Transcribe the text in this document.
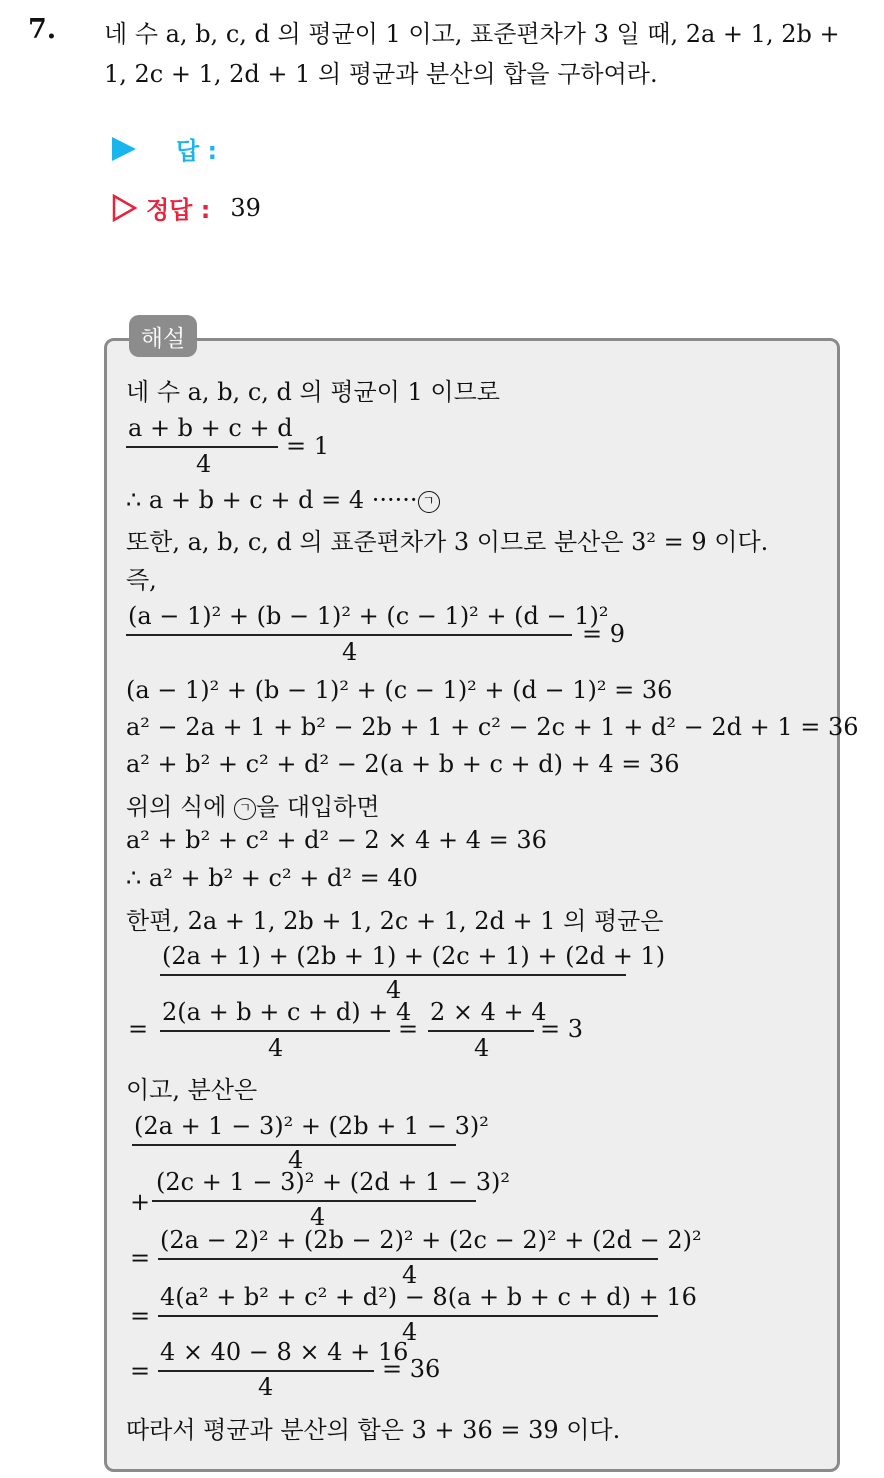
7. 네 수 a, b, c, d 의 평균이 1 이고, 표준편차가 3 일 때, 2a + 1, 2b + 1, 2c + 1, 2d + 1 의 평균과 분산의 합을 구하여라.
답 :
정답 : 39
해설
네 수 a, b, c, d 의 평균이 1 이므로
a + b + c + d
4
= 1
∴ a + b + c + d = 4 ······ ㄱ
또한, a, b, c, d 의 표준편차가 3 이므로 분산은 3² = 9 이다.
즉,
(a − 1)² + (b − 1)² + (c − 1)² + (d − 1)²
4
= 9
(a − 1)² + (b − 1)² + (c − 1)² + (d − 1)² = 36
a² − 2a + 1 + b² − 2b + 1 + c² − 2c + 1 + d² − 2d + 1 = 36
a² + b² + c² + d² − 2(a + b + c + d) + 4 = 36
위의 식에 ㄱ 을 대입하면
a² + b² + c² + d² − 2 × 4 + 4 = 36
∴ a² + b² + c² + d² = 40
한편, 2a + 1, 2b + 1, 2c + 1, 2d + 1 의 평균은
(2a + 1) + (2b + 1) + (2c + 1) + (2d + 1)
4
=
2(a + b + c + d) + 4
4
=
2 × 4 + 4
4
= 3
이고, 분산은
(2a + 1 − 3)² + (2b + 1 − 3)²
4
+
(2c + 1 − 3)² + (2d + 1 − 3)²
4
=
(2a − 2)² + (2b − 2)² + (2c − 2)² + (2d − 2)²
4
=
4(a² + b² + c² + d²) − 8(a + b + c + d) + 16
4
=
4 × 40 − 8 × 4 + 16
4
= 36
따라서 평균과 분산의 합은 3 + 36 = 39 이다.
